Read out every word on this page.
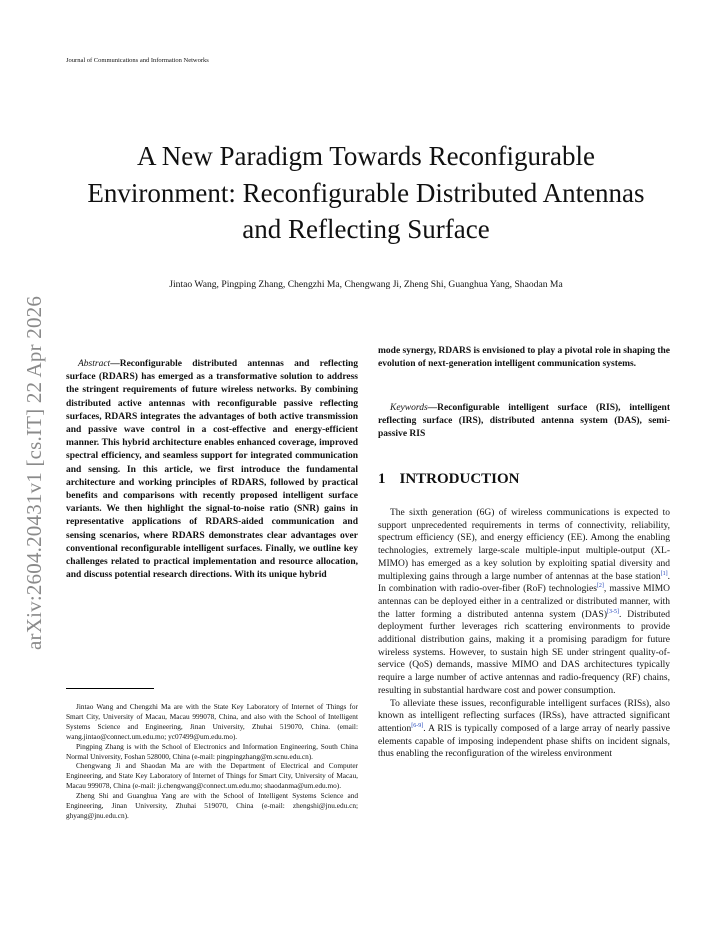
Journal of Communications and Information Networks
arXiv:2604.20431v1 [cs.IT] 22 Apr 2026
A New Paradigm Towards Reconfigurable Environment: Reconfigurable Distributed Antennas and Reflecting Surface
Jintao Wang, Pingping Zhang, Chengzhi Ma, Chengwang Ji, Zheng Shi, Guanghua Yang, Shaodan Ma
Abstract—Reconfigurable distributed antennas and reflecting surface (RDARS) has emerged as a transformative solution to address the stringent requirements of future wireless networks. By combining distributed active antennas with reconfigurable passive reflecting surfaces, RDARS integrates the advantages of both active transmission and passive wave control in a cost-effective and energy-efficient manner. This hybrid architecture enables enhanced coverage, improved spectral efficiency, and seamless support for integrated communication and sensing. In this article, we first introduce the fundamental architecture and working principles of RDARS, followed by practical benefits and comparisons with recently proposed intelligent surface variants. We then highlight the signal-to-noise ratio (SNR) gains in representative applications of RDARS-aided communication and sensing scenarios, where RDARS demonstrates clear advantages over conventional reconfigurable intelligent surfaces. Finally, we outline key challenges related to practical implementation and resource allocation, and discuss potential research directions. With its unique hybrid
mode synergy, RDARS is envisioned to play a pivotal role in shaping the evolution of next-generation intelligent communication systems.
Keywords—Reconfigurable intelligent surface (RIS), intelligent reflecting surface (IRS), distributed antenna system (DAS), semi-passive RIS
1 INTRODUCTION

The sixth generation (6G) of wireless communications is expected to support unprecedented requirements in terms of connectivity, reliability, spectrum efficiency (SE), and energy efficiency (EE). Among the enabling technologies, extremely large-scale multiple-input multiple-output (XL-MIMO) has emerged as a key solution by exploiting spatial diversity and multiplexing gains through a large number of antennas at the base station[1]. In combination with radio-over-fiber (RoF) technologies[2], massive MIMO antennas can be deployed either in a centralized or distributed manner, with the latter forming a distributed antenna system (DAS)[3-5]. Distributed deployment further leverages rich scattering environments to provide additional distribution gains, making it a promising paradigm for future wireless systems. However, to sustain high SE under stringent quality-of-service (QoS) demands, massive MIMO and DAS architectures typically require a large number of active antennas and radio-frequency (RF) chains, resulting in substantial hardware cost and power consumption.

To alleviate these issues, reconfigurable intelligent surfaces (RISs), also known as intelligent reflecting surfaces (IRSs), have attracted significant attention[6-9]. A RIS is typically composed of a large array of nearly passive elements capable of imposing independent phase shifts on incident signals, thus enabling the reconfiguration of the wireless environment

Jintao Wang and Chengzhi Ma are with the State Key Laboratory of Internet of Things for Smart City, University of Macau, Macau 999078, China, and also with the School of Intelligent Systems Science and Engineering, Jinan University, Zhuhai 519070, China. (email: wang.jintao@connect.um.edu.mo; yc07499@um.edu.mo).

Pingping Zhang is with the School of Electronics and Information Engineering, South China Normal University, Foshan 528000, China (e-mail: pingpingzhang@m.scnu.edu.cn).

Chengwang Ji and Shaodan Ma are with the Department of Electrical and Computer Engineering, and State Key Laboratory of Internet of Things for Smart City, University of Macau, Macau 999078, China (e-mail: ji.chengwang@connect.um.edu.mo; shaodanma@um.edu.mo).

Zheng Shi and Guanghua Yang are with the School of Intelligent Systems Science and Engineering, Jinan University, Zhuhai 519070, China (e-mail: zhengshi@jnu.edu.cn; ghyang@jnu.edu.cn).
